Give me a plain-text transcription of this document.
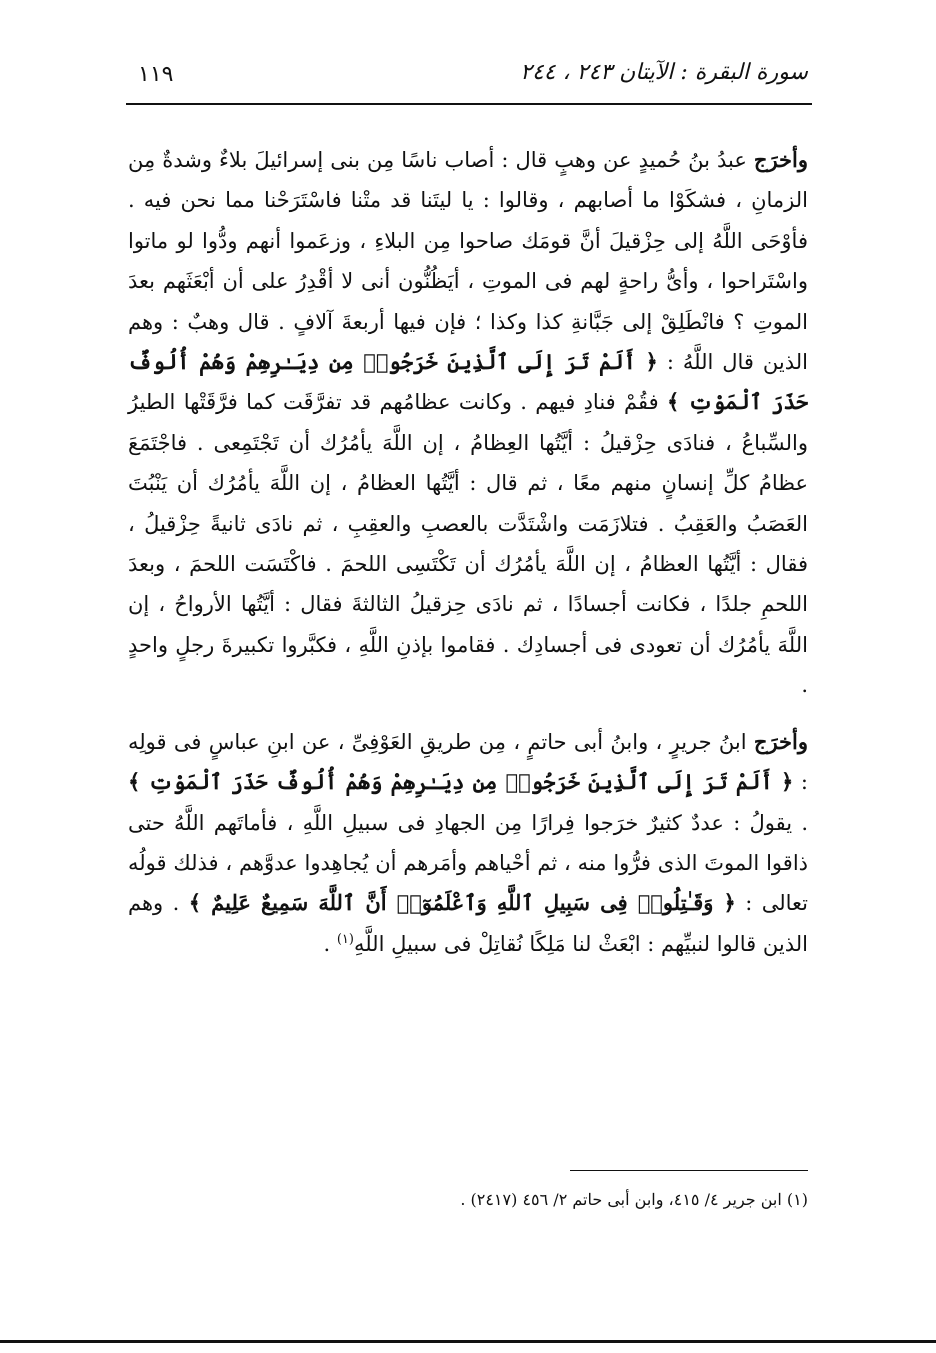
١١٩	سورة البقرة : الآيتان ٢٤٣ ، ٢٤٤

وأخرَج عبدُ بنُ حُميدٍ عن وهبٍ قال : أصاب ناسًا مِن بنى إسرائيلَ بلاءٌ وشدةٌ مِن الزمانِ ، فشكَوْا ما أصابهم ، وقالوا : يا ليتَنا قد متْنا فاسْتَرَحْنا مما نحن فيه . فأوْحَى اللَّهُ إلى حِزْقيلَ أنَّ قومَك صاحوا مِن البلاءِ ، وزعَموا أنهم ودُّوا لو ماتوا واسْتَراحوا ، وأىُّ راحةٍ لهم فى الموتِ ، أيَظُنُّون أنى لا أقْدِرُ على أن أبْعَثَهم بعدَ الموتِ ؟ فانْطَلِقْ إلى جَبَّانةِ كذا وكذا ؛ فإن فيها أربعةَ آلافٍ . قال وهبٌ : وهم الذين قال اللَّهُ : ﴿ أَلَمْ تَرَ إِلَى ٱلَّذِينَ خَرَجُوا۟ مِن دِيَـٰرِهِمْ وَهُمْ أُلُوفٌ حَذَرَ ٱلْمَوْتِ ﴾ فقُمْ فنادِ فيهم . وكانت عظامُهم قد تفرَّقَت كما فرَّقَتْها الطيرُ والسِّباعُ ، فنادَى حِزْقيلُ : أيَّتُها العِظامُ ، إن اللَّهَ يأمُرُك أن تَجْتَمِعى . فاجْتَمَعَ عظامُ كلِّ إنسانٍ منهم معًا ، ثم قال : أيَّتُها العظامُ ، إن اللَّهَ يأمُرُك أن يَنْبُتَ العَصَبُ والعَقِبُ . فتلازَمَت واشْتَدَّت بالعصبِ والعقِبِ ، ثم نادَى ثانيةً حِزْقيلُ ، فقال : أيَّتُها العظامُ ، إن اللَّهَ يأمُرُك أن تَكْتَسِى اللحمَ . فاكْتَسَت اللحمَ ، وبعدَ اللحمِ جلدًا ، فكانت أجسادًا ، ثم نادَى حِزقيلُ الثالثةَ فقال : أيَّتُها الأرواحُ ، إن اللَّهَ يأمُرُك أن تعودى فى أجسادِك . فقاموا بإذنِ اللَّهِ ، فكبَّروا تكبيرةَ رجلٍ واحدٍ .

وأخرَج ابنُ جريرٍ ، وابنُ أبى حاتمٍ ، مِن طريقِ العَوْفِىِّ ، عن ابنِ عباسٍ فى قولِه : ﴿ أَلَمْ تَرَ إِلَى ٱلَّذِينَ خَرَجُوا۟ مِن دِيَـٰرِهِمْ وَهُمْ أُلُوفٌ حَذَرَ ٱلْمَوْتِ ﴾ . يقولُ : عددٌ كثيرٌ خرَجوا فِرارًا مِن الجهادِ فى سبيلِ اللَّهِ ، فأماتَهم اللَّهُ حتى ذاقوا الموتَ الذى فرُّوا منه ، ثم أحْياهم وأمَرهم أن يُجاهِدوا عدوَّهم ، فذلك قولُه تعالى : ﴿ وَقَـٰتِلُوا۟ فِى سَبِيلِ ٱللَّهِ وَٱعْلَمُوٓا۟ أَنَّ ٱللَّهَ سَمِيعٌ عَلِيمٌ ﴾ . وهم الذين قالوا لنبيِّهم : ابْعَثْ لنا مَلِكًا نُقاتِلْ فى سبيلِ اللَّهِ$^{(١)}$ .

(١) ابن جرير ٤/ ٤١٥، وابن أبى حاتم ٢/ ٤٥٦ (٢٤١٧) .
